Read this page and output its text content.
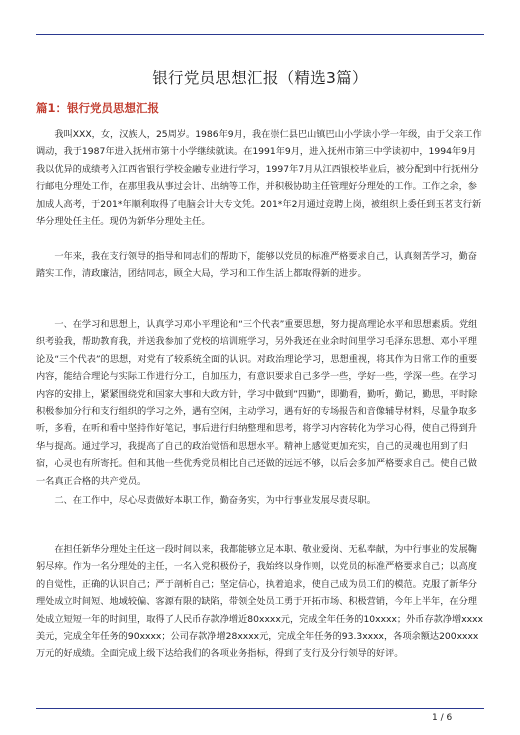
银行党员思想汇报（精选3篇）
篇1：银行党员思想汇报

　　我叫XXX，女，汉族人，25周岁。1986年9月，我在崇仁县巴山镇巴山小学读小学一年级，由于父亲工作调动，我于1987年进入抚州市第十小学继续就读。在1991年9月，进入抚州市第三中学读初中，1994年9月我以优异的成绩考入江西省银行学校金融专业进行学习，1997年7月从江西银校毕业后，被分配到中行抚州分行邮电分理处工作，在那里我从事过会计、出纳等工作，并积极协助主任管理好分理处的工作。工作之余，参加成人高考，于201*年顺利取得了电脑会计大专文凭。201*年2月通过竞聘上岗，被组织上委任到玉茗支行新华分理处任主任。现仍为新华分理处主任。

　　一年来，我在支行领导的指导和同志们的帮助下，能够以党员的标准严格要求自己，认真刻苦学习，勤奋踏实工作，清政廉洁，团结同志，顾全大局，学习和工作生活上都取得新的进步。

　　一、在学习和思想上，认真学习邓小平理论和“三个代表”重要思想，努力提高理论水平和思想素质。党组织考验我，帮助教育我，并送我参加了党校的培训班学习，另外我还在业余时间里学习毛泽东思想、邓小平理论及“三个代表”的思想，对党有了较系统全面的认识。对政治理论学习，思想重视，将其作为日常工作的重要内容，能结合理论与实际工作进行分工，自加压力，有意识要求自己多学一些，学好一些，学深一些。在学习内容的安排上，紧紧围绕党和国家大事和大政方针，学习中做到”四勤”，即勤看，勤听，勤记，勤思，平时除积极参加分行和支行组织的学习之外，遇有空闲，主动学习，遇有好的专场报告和音像辅导材料，尽量争取多听，多看，在听和看中坚持作好笔记，事后进行归纳整理和思考，将学习内容转化为学习心得，使自己得到升华与提高。通过学习，我提高了自己的政治觉悟和思想水平。精神上感觉更加充实，自己的灵魂也用到了归宿，心灵也有所寄托。但和其他一些优秀党员相比自己还做的远远不够，以后会多加严格要求自己。使自己做一名真正合格的共产党员。

　　二、在工作中，尽心尽责做好本职工作，勤奋务实，为中行事业发展尽责尽职。

　　在担任新华分理处主任这一段时间以来，我都能够立足本职、敬业爱岗、无私奉献，为中行事业的发展鞠躬尽瘁。作为一名分理处的主任，一名入党积极份子，我始终以身作则，以党员的标准严格要求自己；以高度的自觉性，正确的认识自己；严于剖析自己；坚定信心，执着追求，使自己成为员工们的模范。克服了新华分理处成立时间短、地域较偏、客源有限的缺陷，带领全处员工勇于开拓市场、积极营销，今年上半年，在分理处成立短短一年的时间里，取得了人民币存款净增近80xxxx元，完成全年任务的10xxxx；外币存款净增xxxx美元，完成全年任务的90xxxx；公司存款净增28xxxx元，完成全年任务的93.3xxxx，各项余额达200xxxx万元的好成绩。全面完成上级下达给我们的各项业务指标，得到了支行及分行领导的好评。

1 / 6
